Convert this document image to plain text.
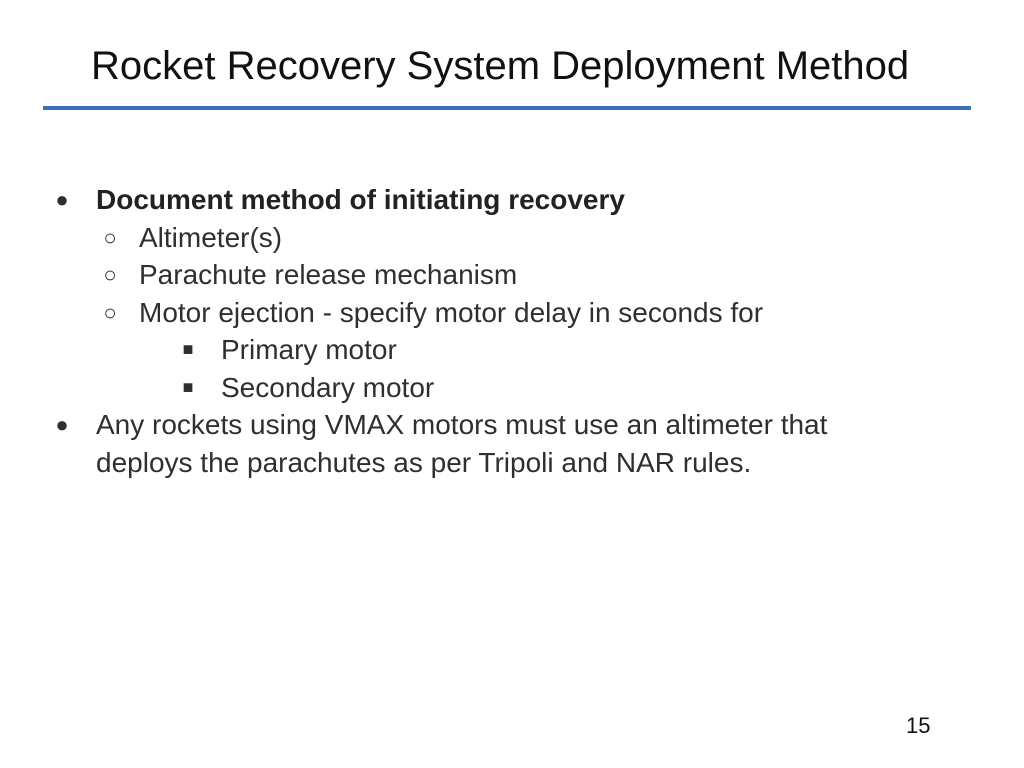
Rocket Recovery System Deployment Method
● Document method of initiating recovery
○ Altimeter(s)
○ Parachute release mechanism
○ Motor ejection - specify motor delay in seconds for
■ Primary motor
■ Secondary motor
● Any rockets using VMAX motors must use an altimeter that
deploys the parachutes as per Tripoli and NAR rules.
15
